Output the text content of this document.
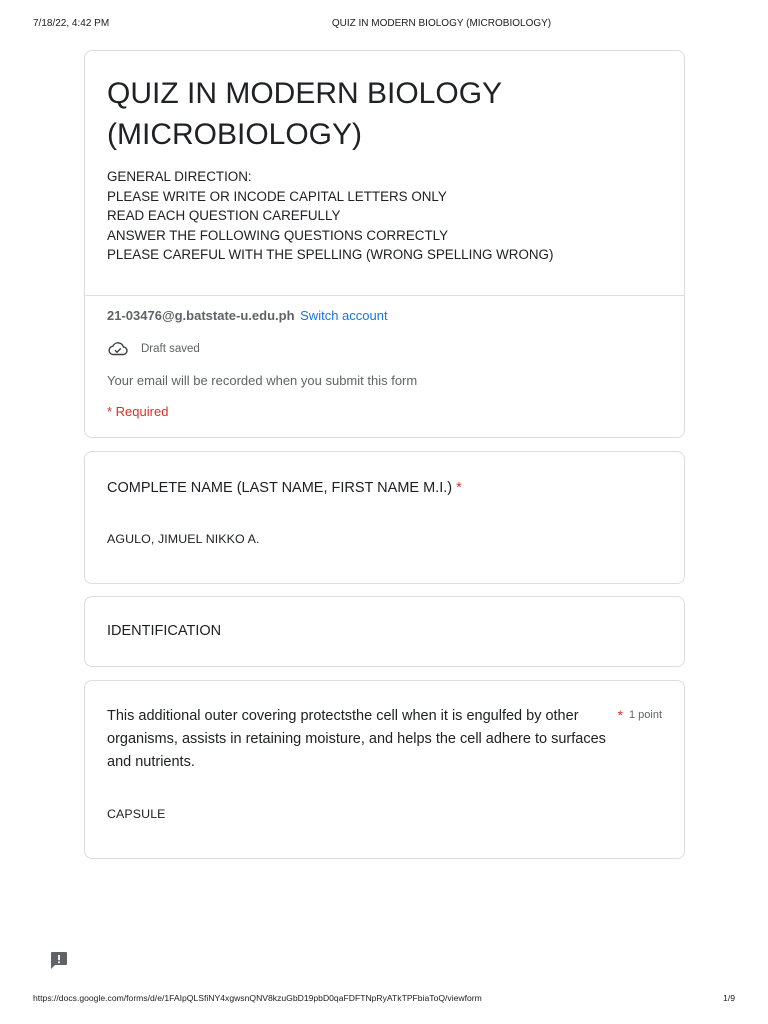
7/18/22, 4:42 PM	QUIZ IN MODERN BIOLOGY (MICROBIOLOGY)
QUIZ IN MODERN BIOLOGY
(MICROBIOLOGY)
GENERAL DIRECTION:
PLEASE WRITE OR INCODE CAPITAL LETTERS ONLY
READ EACH QUESTION CAREFULLY
ANSWER THE FOLLOWING QUESTIONS CORRECTLY
PLEASE CAREFUL WITH THE SPELLING (WRONG SPELLING WRONG)
21-03476@g.batstate-u.edu.ph Switch account
Draft saved
Your email will be recorded when you submit this form
* Required
COMPLETE NAME (LAST NAME, FIRST NAME M.I.) *
AGULO, JIMUEL NIKKO A.
IDENTIFICATION
This additional outer covering protectsthe cell when it is engulfed by other organisms, assists in retaining moisture, and helps the cell adhere to surfaces and nutrients.
* 1 point
CAPSULE
https://docs.google.com/forms/d/e/1FAIpQLSfiNY4xgwsnQNV8kzuGbD19pbD0qaFDFTNpRyATkTPFbiaToQ/viewform	1/9
